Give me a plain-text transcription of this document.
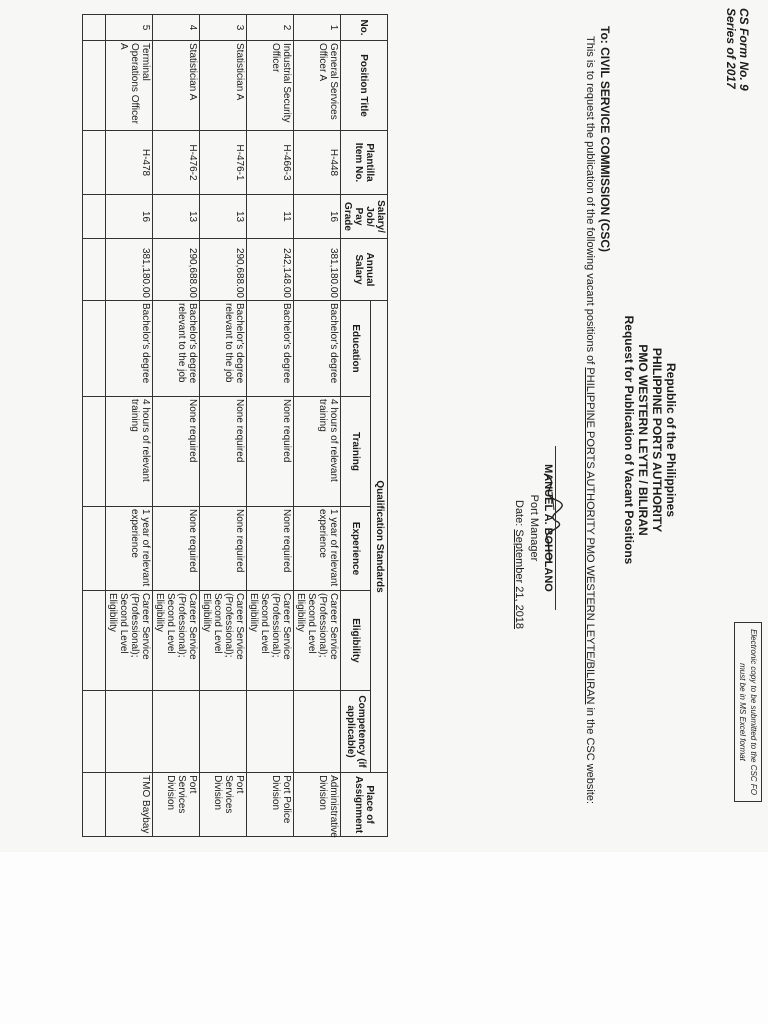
CS Form No. 9
Series of 2017
Electronic copy to be submitted to the CSC FO
must be in MS Excel format
Republic of the Philippines
PHILIPPINE PORTS AUTHORITY
PMO WESTERN LEYTE / BILIRAN
Request for Publication of Vacant Positions
To: CIVIL SERVICE COMMISSION (CSC)
This is to request the publication of the following vacant positions of PHILIPPINE PORTS AUTHORITY PMO WESTERN LEYTE/BILIRAN in the CSC website:
MANUEL A. BOHOLANO
Port Manager
Date: September 21, 2018
No.	Position Title	Plantilla Item No.	Salary/ Job/ Pay Grade	Annual Salary	Qualification Standards					Place of Assignment
					Education	Training	Experience	Eligibility	Competency (if applicable)	
1	General Services Officer A	H-448	16	381,180.00	Bachelor's degree	4 hours of relevant training	1 year of relevant experience	Career Service (Professional); Second Level Eligibility		Administrative Division
2	Industrial Security Officer	H-466-3	11	242,148.00	Bachelor's degree	None required	None required	Career Service (Professional); Second Level Eligibility		Port Police Division
3	Statistician A	H-476-1	13	290,688.00	Bachelor's degree relevant to the job	None required	None required	Career Service (Professional); Second Level Eligibility		Port Services Division
4	Statistician A	H-476-2	13	290,688.00	Bachelor's degree relevant to the job	None required	None required	Career Service (Professional); Second Level Eligibility		Port Services Division
5	Terminal Operations Officer A	H-478	16	381,180.00	Bachelor's degree	4 hours of relevant training	1 year of relevant experience	Career Service (Professional); Second Level Eligibility		TMO Baybay
